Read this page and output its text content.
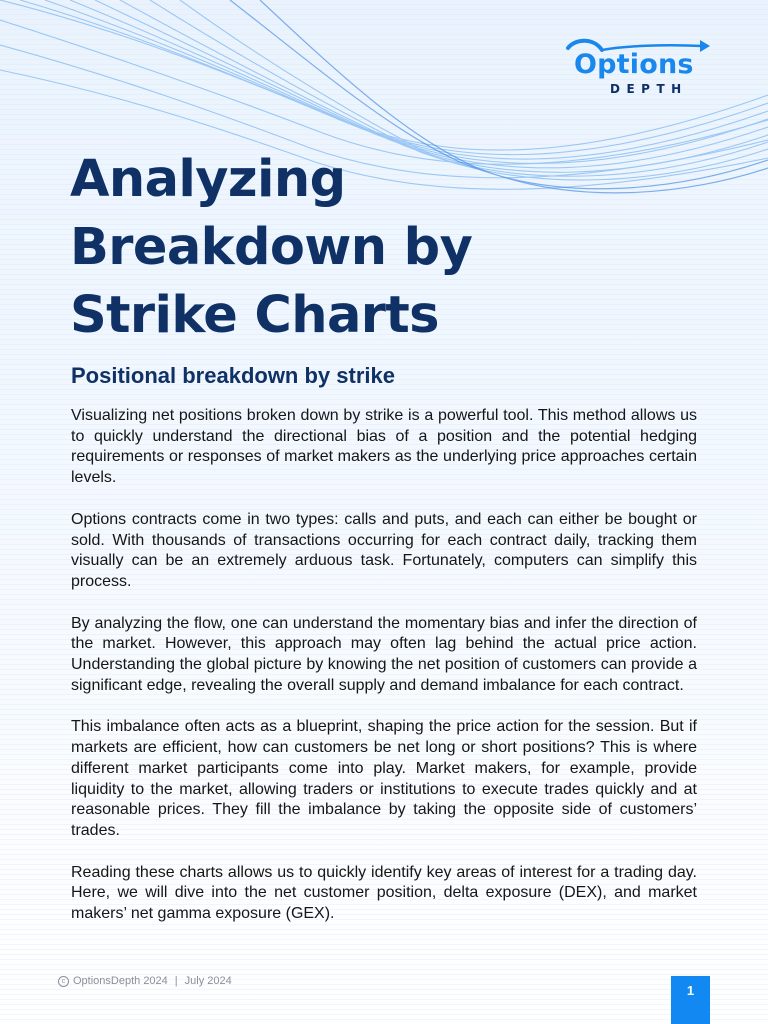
Options
DEPTH
Analyzing
Breakdown by
Strike Charts
Positional breakdown by strike

Visualizing net positions broken down by strike is a powerful tool. This method allows us to quickly understand the directional bias of a position and the potential hedging requirements or responses of market makers as the underlying price approaches certain levels.

Options contracts come in two types: calls and puts, and each can either be bought or sold. With thousands of transactions occurring for each contract daily, tracking them visually can be an extremely arduous task. Fortunately, computers can simplify this process.

By analyzing the flow, one can understand the momentary bias and infer the direction of the market. However, this approach may often lag behind the actual price action. Understanding the global picture by knowing the net position of customers can provide a significant edge, revealing the overall supply and demand imbalance for each contract.

This imbalance often acts as a blueprint, shaping the price action for the session. But if markets are efficient, how can customers be net long or short positions? This is where different market participants come into play. Market makers, for example, provide liquidity to the market, allowing traders or institutions to execute trades quickly and at reasonable prices. They fill the imbalance by taking the opposite side of customers’ trades.

Reading these charts allows us to quickly identify key areas of interest for a trading day. Here, we will dive into the net customer position, delta exposure (DEX), and market makers’ net gamma exposure (GEX).

c OptionsDepth 2024 | July 2024
1
